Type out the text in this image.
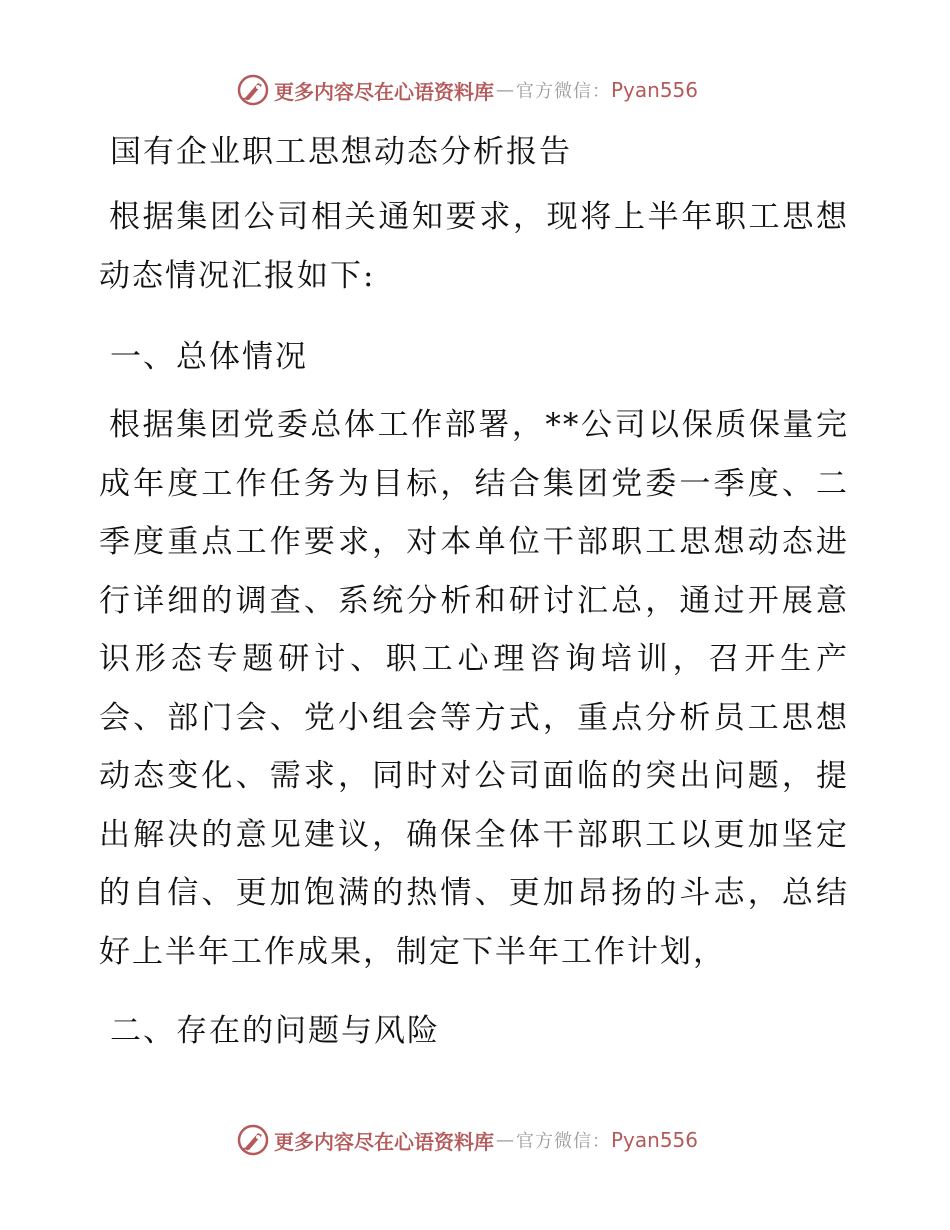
更多内容尽在心语资料库 — 官方微信： Pyan556
国有企业职工思想动态分析报告

根据集团公司相关通知要求，现将上半年职工思想动态情况汇报如下:

一、总体情况

根据集团党委总体工作部署，**公司以保质保量完成年度工作任务为目标，结合集团党委一季度、二季度重点工作要求，对本单位干部职工思想动态进行详细的调查、系统分析和研讨汇总，通过开展意识形态专题研讨、职工心理咨询培训，召开生产会、部门会、党小组会等方式，重点分析员工思想动态变化、需求，同时对公司面临的突出问题，提出解决的意见建议，确保全体干部职工以更加坚定的自信、更加饱满的热情、更加昂扬的斗志，总结好上半年工作成果，制定下半年工作计划，

二、存在的问题与风险
更多内容尽在心语资料库 — 官方微信： Pyan556
